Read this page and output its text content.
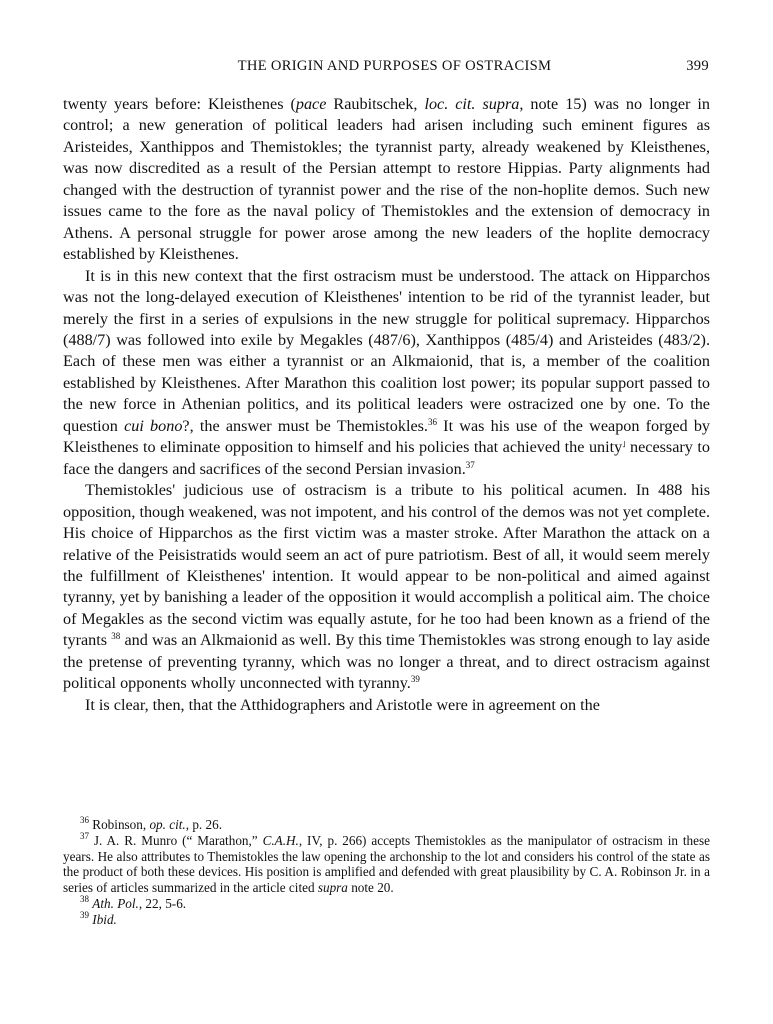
THE ORIGIN AND PURPOSES OF OSTRACISM	399

twenty years before: Kleisthenes (pace Raubitschek, loc. cit. supra, note 15) was no longer in control; a new generation of political leaders had arisen including such eminent figures as Aristeides, Xanthippos and Themistokles; the tyrannist party, already weakened by Kleisthenes, was now discredited as a result of the Persian attempt to restore Hippias. Party alignments had changed with the destruction of tyrannist power and the rise of the non-hoplite demos. Such new issues came to the fore as the naval policy of Themistokles and the extension of democracy in Athens. A personal struggle for power arose among the new leaders of the hoplite democracy established by Kleisthenes.

It is in this new context that the first ostracism must be understood. The attack on Hipparchos was not the long-delayed execution of Kleisthenes' intention to be rid of the tyrannist leader, but merely the first in a series of expulsions in the new struggle for political supremacy. Hipparchos (488/7) was followed into exile by Megakles (487/6), Xanthippos (485/4) and Aristeides (483/2). Each of these men was either a tyrannist or an Alkmaionid, that is, a member of the coalition established by Kleisthenes. After Marathon this coalition lost power; its popular support passed to the new force in Athenian politics, and its political leaders were ostracized one by one. To the question cui bono?, the answer must be Themistokles.$^{36}$ It was his use of the weapon forged by Kleisthenes to eliminate opposition to himself and his policies that achieved the unity˩ necessary to face the dangers and sacrifices of the second Persian invasion.$^{37}$

Themistokles' judicious use of ostracism is a tribute to his political acumen. In 488 his opposition, though weakened, was not impotent, and his control of the demos was not yet complete. His choice of Hipparchos as the first victim was a master stroke. After Marathon the attack on a relative of the Peisistratids would seem an act of pure patriotism. Best of all, it would seem merely the fulfillment of Kleisthenes' intention. It would appear to be non-political and aimed against tyranny, yet by banishing a leader of the opposition it would accomplish a political aim. The choice of Megakles as the second victim was equally astute, for he too had been known as a friend of the tyrants $^{38}$ and was an Alkmaionid as well. By this time Themistokles was strong enough to lay aside the pretense of preventing tyranny, which was no longer a threat, and to direct ostracism against political opponents wholly unconnected with tyranny.$^{39}$

It is clear, then, that the Atthidographers and Aristotle were in agreement on the

$^{36}$ Robinson, op. cit., p. 26.

$^{37}$ J. A. R. Munro (“ Marathon,” C.A.H., IV, p. 266) accepts Themistokles as the manipulator of ostracism in these years. He also attributes to Themistokles the law opening the archonship to the lot and considers his control of the state as the product of both these devices. His position is amplified and defended with great plausibility by C. A. Robinson Jr. in a series of articles summarized in the article cited supra note 20.

$^{38}$ Ath. Pol., 22, 5-6.

$^{39}$ Ibid.
